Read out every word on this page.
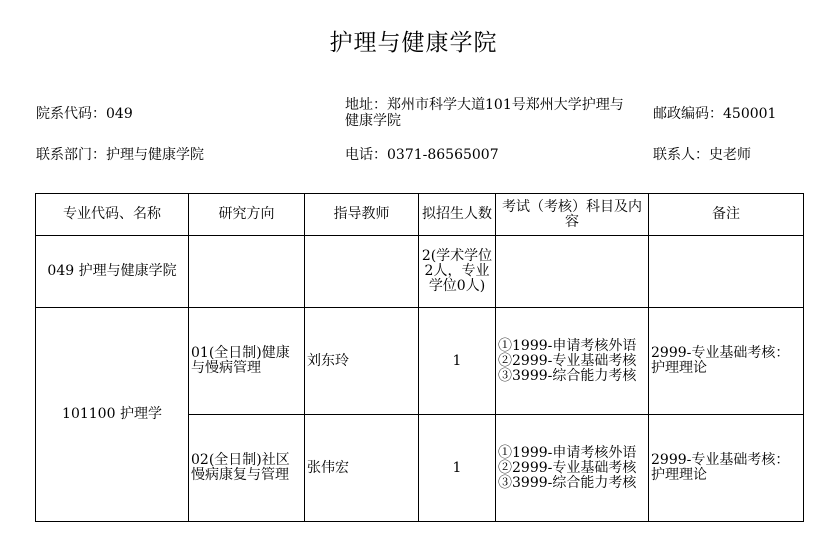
护理与健康学院
院系代码：049
地址：郑州市科学大道101号郑州大学护理与健康学院	邮政编码：450001
联系部门：护理与健康学院	电话：0371-86565007	联系人：史老师
专业代码、名称	研究方向	指导教师	拟招生人数	考试（考核）科目及内容	备注
049 护理与健康学院			2(学术学位2人，专业学位0人)		
101100 护理学	01(全日制)健康与慢病管理	刘东玲	1	①1999-申请考核外语
②2999-专业基础考核
③3999-综合能力考核	2999-专业基础考核：护理理论
	02(全日制)社区慢病康复与管理	张伟宏	1	①1999-申请考核外语
②2999-专业基础考核
③3999-综合能力考核	2999-专业基础考核：护理理论
